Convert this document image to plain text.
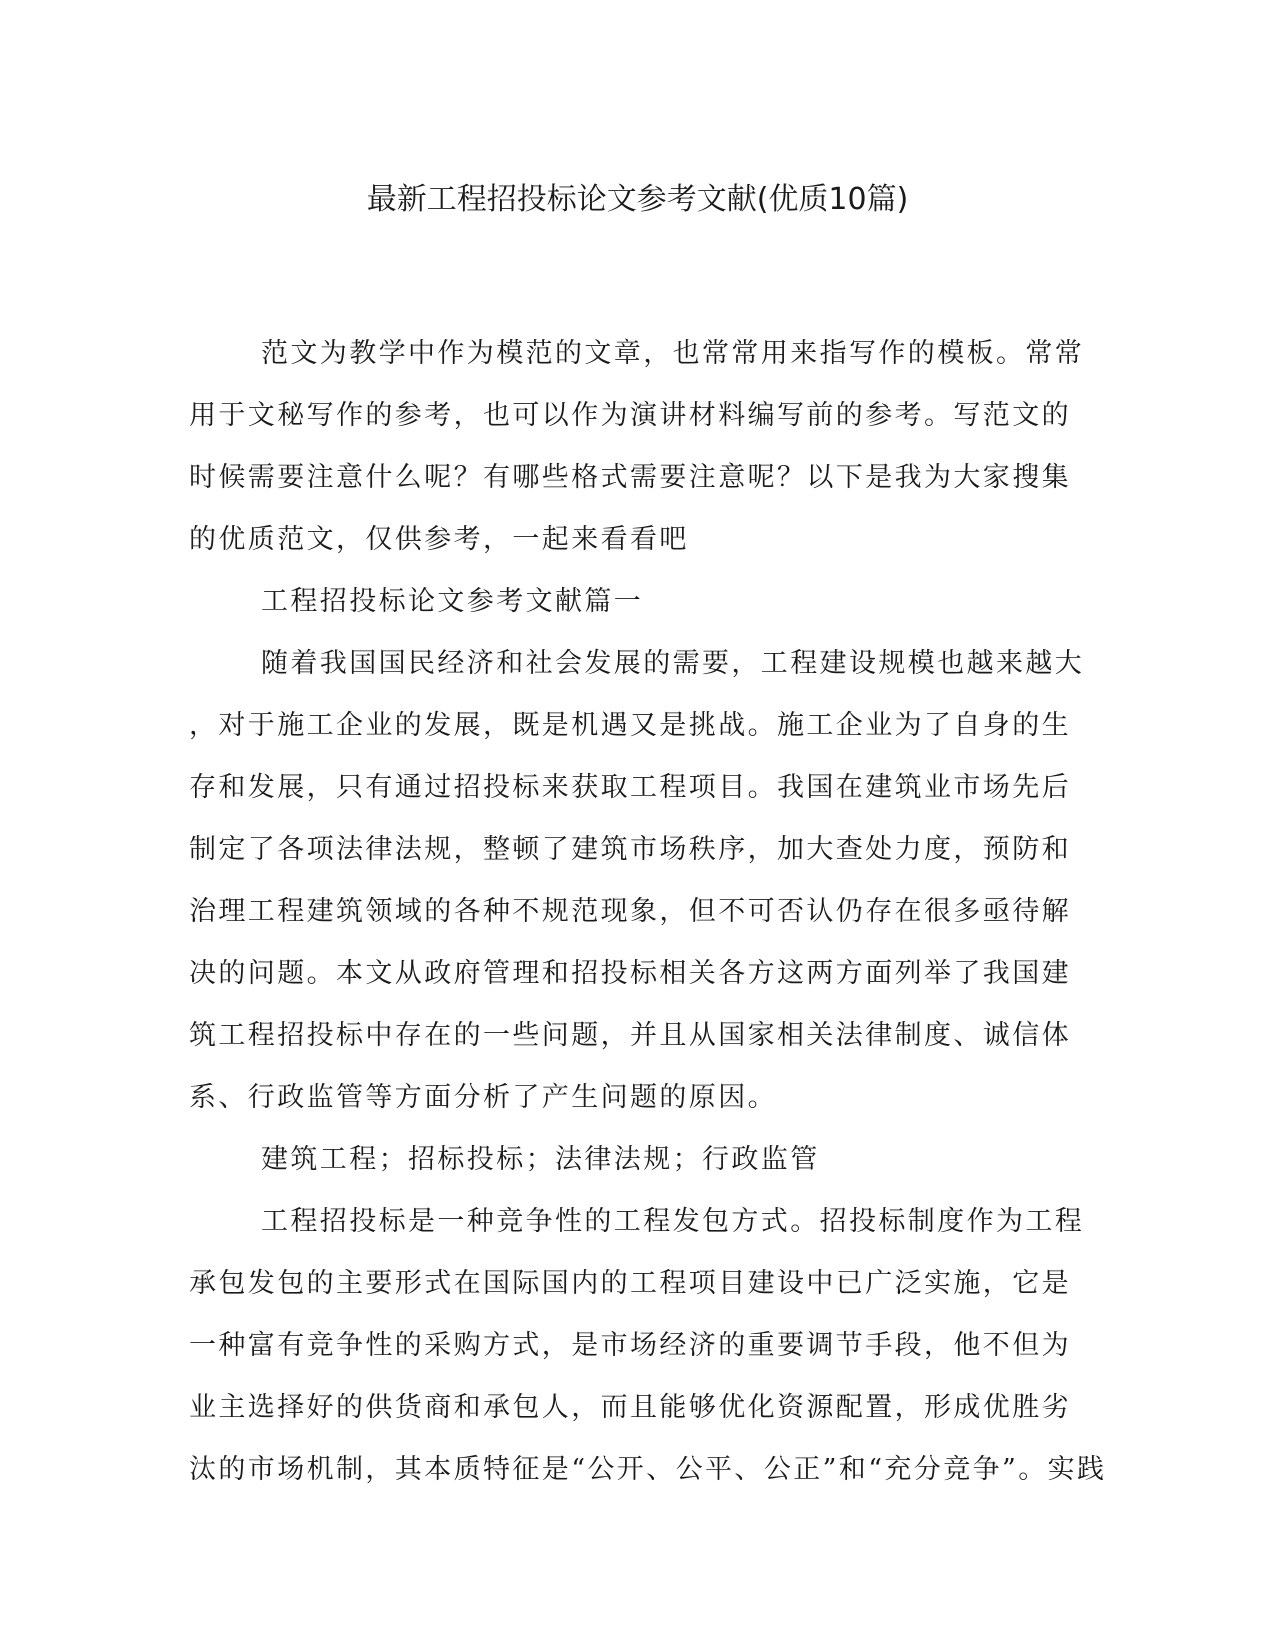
最新工程招投标论文参考文献(优质10篇)
范文为教学中作为模范的文章，也常常用来指写作的模板。常常
用于文秘写作的参考，也可以作为演讲材料编写前的参考。写范文的
时候需要注意什么呢？有哪些格式需要注意呢？以下是我为大家搜集
的优质范文，仅供参考，一起来看看吧
工程招投标论文参考文献篇一
随着我国国民经济和社会发展的需要，工程建设规模也越来越大
，对于施工企业的发展，既是机遇又是挑战。施工企业为了自身的生
存和发展，只有通过招投标来获取工程项目。我国在建筑业市场先后
制定了各项法律法规，整顿了建筑市场秩序，加大查处力度，预防和
治理工程建筑领域的各种不规范现象，但不可否认仍存在很多亟待解
决的问题。本文从政府管理和招投标相关各方这两方面列举了我国建
筑工程招投标中存在的一些问题，并且从国家相关法律制度、诚信体
系、行政监管等方面分析了产生问题的原因。
建筑工程；招标投标；法律法规；行政监管
工程招投标是一种竞争性的工程发包方式。招投标制度作为工程
承包发包的主要形式在国际国内的工程项目建设中已广泛实施，它是
一种富有竞争性的采购方式，是市场经济的重要调节手段，他不但为
业主选择好的供货商和承包人，而且能够优化资源配置，形成优胜劣
汰的市场机制，其本质特征是“公开、公平、公正”和“充分竞争”。实践
